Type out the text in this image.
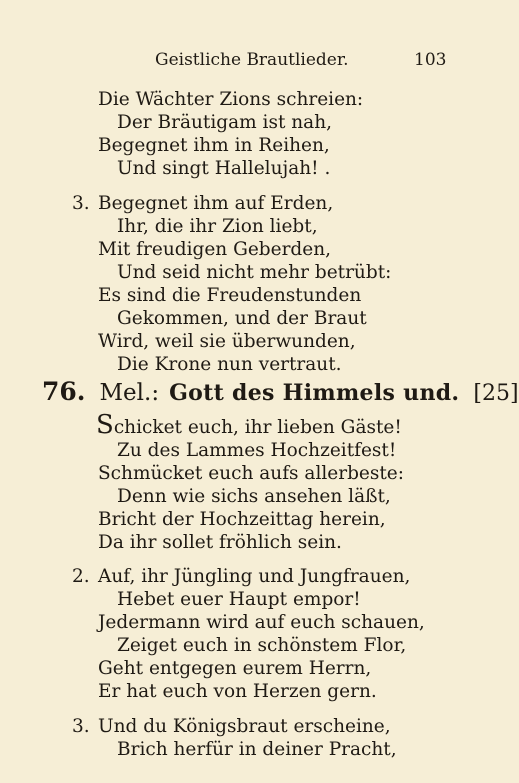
Geistliche Brautlieder.	103
Die Wächter Zions schreien:
Der Bräutigam ist nah,
Begegnet ihm in Reihen,
Und singt Hallelujah! .
3. Begegnet ihm auf Erden,
Ihr, die ihr Zion liebt,
Mit freudigen Geberden,
Und seid nicht mehr betrübt:
Es sind die Freudenstunden
Gekommen, und der Braut
Wird, weil sie überwunden,
Die Krone nun vertraut.
76. Mel.: Gott des Himmels und. [25]
Schicket euch, ihr lieben Gäste!
Zu des Lammes Hochzeitfest!
Schmücket euch aufs allerbeste:
Denn wie sichs ansehen läßt,
Bricht der Hochzeittag herein,
Da ihr sollet fröhlich sein.
2. Auf, ihr Jüngling und Jungfrauen,
Hebet euer Haupt empor!
Jedermann wird auf euch schauen,
Zeiget euch in schönstem Flor,
Geht entgegen eurem Herrn,
Er hat euch von Herzen gern.
3. Und du Königsbraut erscheine,
Brich herfür in deiner Pracht,
